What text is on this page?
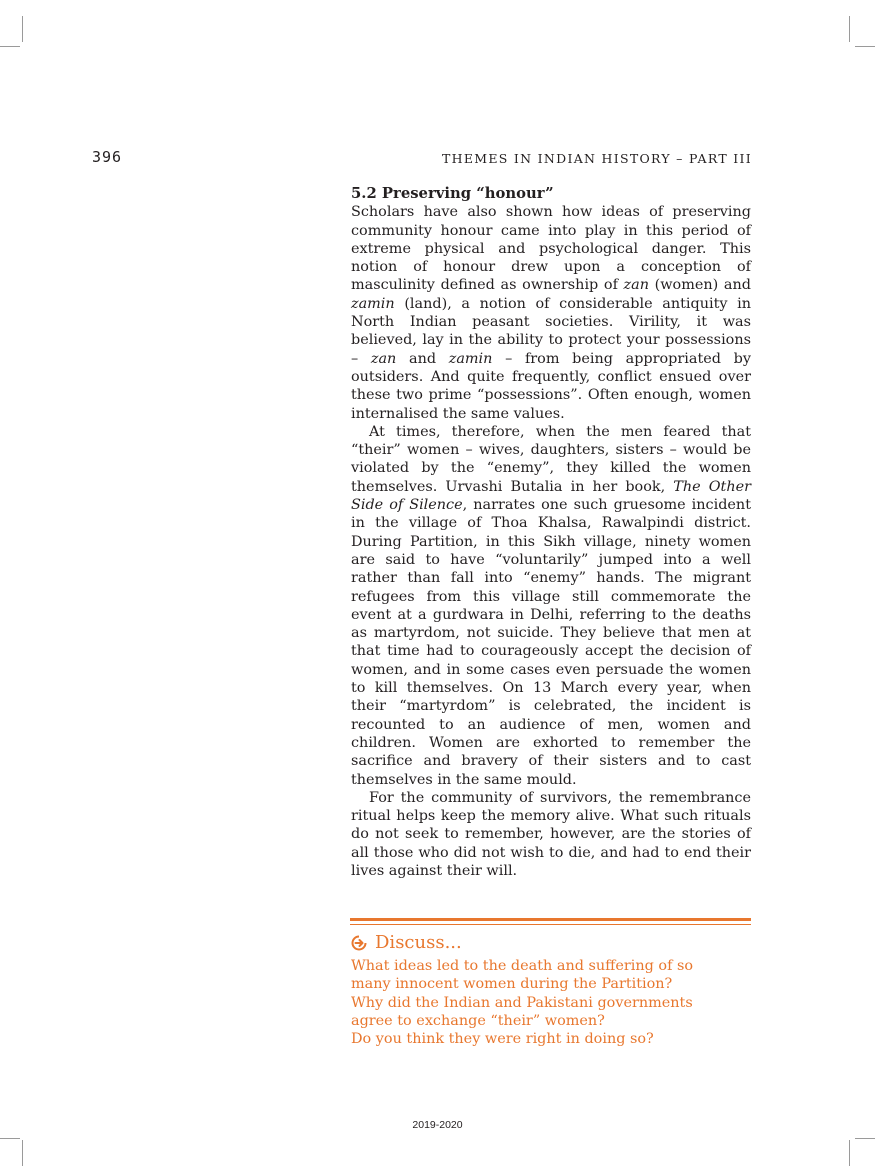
396	THEMES IN INDIAN HISTORY – PART III
5.2 Preserving “honour”

Scholars have also shown how ideas of preserving community honour came into play in this period of extreme physical and psychological danger. This notion of honour drew upon a conception of masculinity defined as ownership of zan (women) and zamin (land), a notion of considerable antiquity in North Indian peasant societies. Virility, it was believed, lay in the ability to protect your possessions – zan and zamin – from being appropriated by outsiders. And quite frequently, conflict ensued over these two prime “possessions”. Often enough, women internalised the same values.

At times, therefore, when the men feared that “their” women – wives, daughters, sisters – would be violated by the “enemy”, they killed the women themselves. Urvashi Butalia in her book, The Other Side of Silence, narrates one such gruesome incident in the village of Thoa Khalsa, Rawalpindi district. During Partition, in this Sikh village, ninety women are said to have “voluntarily” jumped into a well rather than fall into “enemy” hands. The migrant refugees from this village still commemorate the event at a gurdwara in Delhi, referring to the deaths as martyrdom, not suicide. They believe that men at that time had to courageously accept the decision of women, and in some cases even persuade the women to kill themselves. On 13 March every year, when their “martyrdom” is celebrated, the incident is recounted to an audience of men, women and children. Women are exhorted to remember the sacrifice and bravery of their sisters and to cast themselves in the same mould.

For the community of survivors, the remembrance ritual helps keep the memory alive. What such rituals do not seek to remember, however, are the stories of all those who did not wish to die, and had to end their lives against their will.

Discuss...
What ideas led to the death and suffering of so
many innocent women during the Partition?
Why did the Indian and Pakistani governments
agree to exchange “their” women?
Do you think they were right in doing so?
2019-2020
